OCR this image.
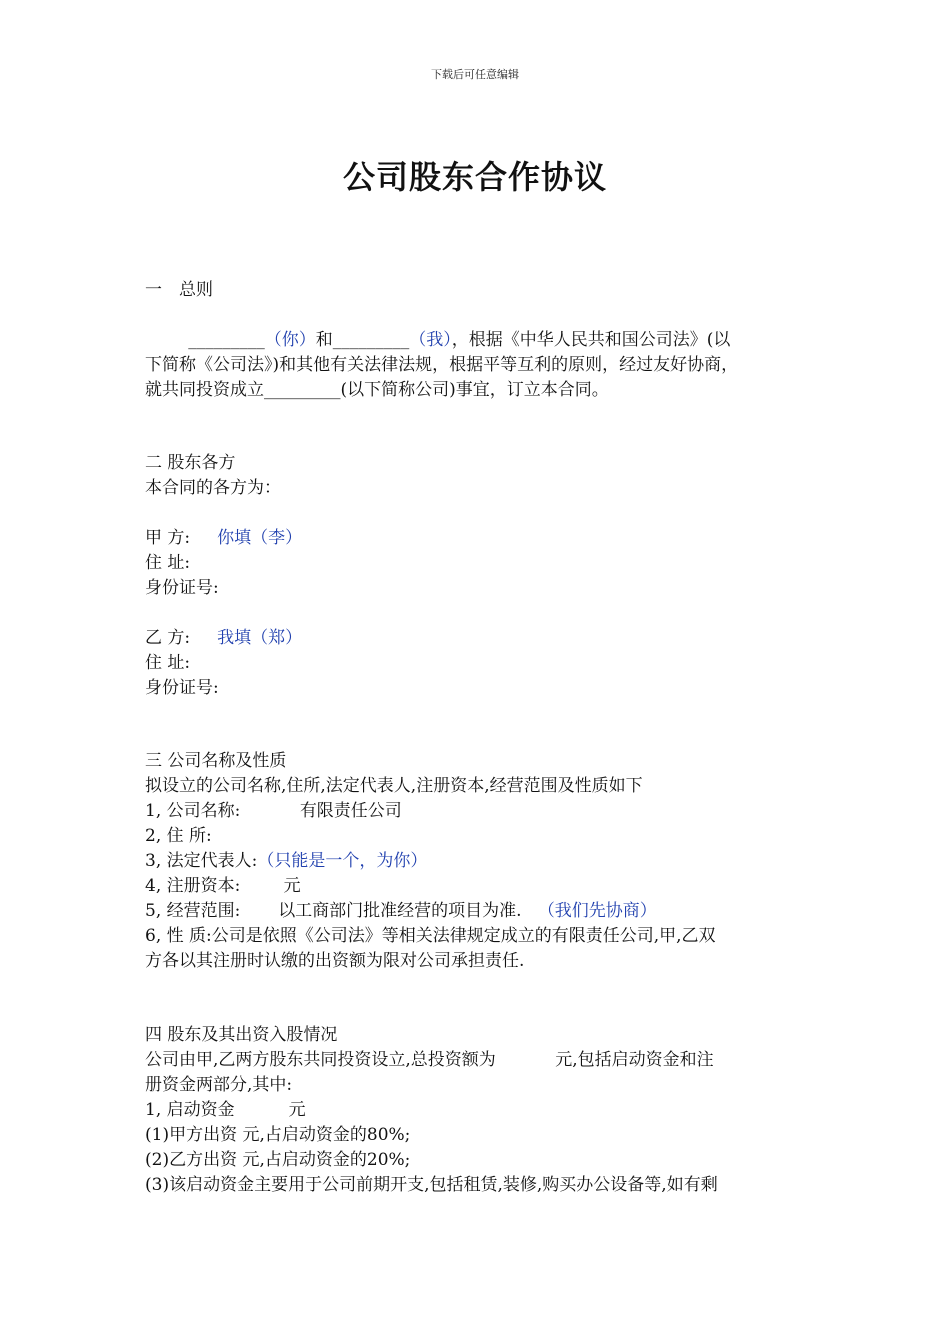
下载后可任意编辑
公司股东合作协议
一　总则
_________（你）和_________（我），根据《中华人民共和国公司法》(以
下简称《公司法》)和其他有关法律法规，根据平等互利的原则，经过友好协商，
就共同投资成立_________(以下简称公司)事宜，订立本合同。
二 股东各方
本合同的各方为：
甲 方: 你填（李）
住 址:
身份证号:
乙 方: 我填（郑）
住 址:
身份证号:
三 公司名称及性质
拟设立的公司名称,住所,法定代表人,注册资本,经营范围及性质如下
1, 公司名称:	有限责任公司
2, 住 所:
3, 法定代表人:（只能是一个，为你）
4, 注册资本:	元
5, 经营范围: 以工商部门批准经营的项目为准. （我们先协商）
6, 性 质:公司是依照《公司法》等相关法律规定成立的有限责任公司,甲,乙双
方各以其注册时认缴的出资额为限对公司承担责任.
四 股东及其出资入股情况
公司由甲,乙两方股东共同投资设立,总投资额为	元,包括启动资金和注
册资金两部分,其中:
1, 启动资金	元
(1)甲方出资 元,占启动资金的80%;
(2)乙方出资 元,占启动资金的20%;
(3)该启动资金主要用于公司前期开支,包括租赁,装修,购买办公设备等,如有剩
